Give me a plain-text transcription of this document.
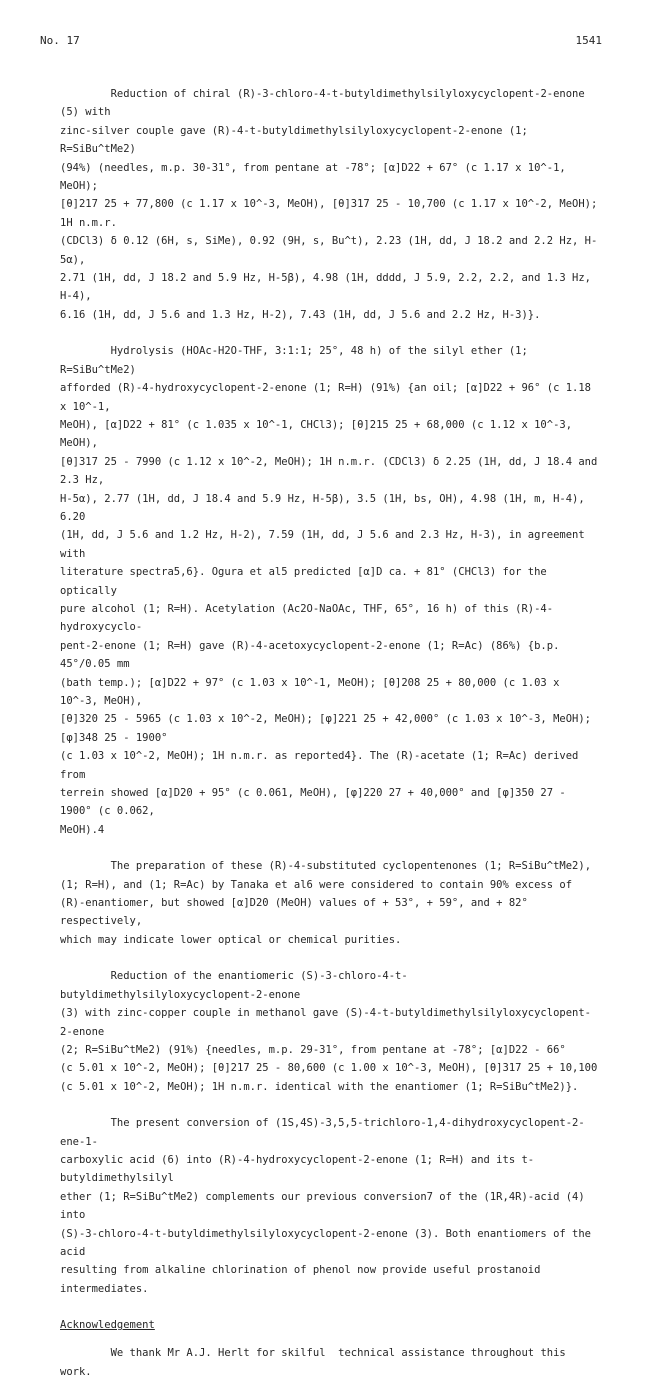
No. 17	1541

Reduction of chiral (R)-3-chloro-4-t-butyldimethylsilyloxycyclopent-2-enone (5) with
zinc-silver couple gave (R)-4-t-butyldimethylsilyloxycyclopent-2-enone (1; R=SiBu^tMe2)
(94%) (needles, m.p. 30-31°, from pentane at -78°; [α]D22 + 67° (c 1.17 x 10^-1, MeOH);
[θ]217 25 + 77,800 (c 1.17 x 10^-3, MeOH), [θ]317 25 - 10,700 (c 1.17 x 10^-2, MeOH); 1H n.m.r.
(CDCl3) δ 0.12 (6H, s, SiMe), 0.92 (9H, s, Bu^t), 2.23 (1H, dd, J 18.2 and 2.2 Hz, H-5α),
2.71 (1H, dd, J 18.2 and 5.9 Hz, H-5β), 4.98 (1H, dddd, J 5.9, 2.2, 2.2, and 1.3 Hz, H-4),
6.16 (1H, dd, J 5.6 and 1.3 Hz, H-2), 7.43 (1H, dd, J 5.6 and 2.2 Hz, H-3)}.

Hydrolysis (HOAc-H2O-THF, 3:1:1; 25°, 48 h) of the silyl ether (1; R=SiBu^tMe2)
afforded (R)-4-hydroxycyclopent-2-enone (1; R=H) (91%) {an oil; [α]D22 + 96° (c 1.18 x 10^-1,
MeOH), [α]D22 + 81° (c 1.035 x 10^-1, CHCl3); [θ]215 25 + 68,000 (c 1.12 x 10^-3, MeOH),
[θ]317 25 - 7990 (c 1.12 x 10^-2, MeOH); 1H n.m.r. (CDCl3) δ 2.25 (1H, dd, J 18.4 and 2.3 Hz,
H-5α), 2.77 (1H, dd, J 18.4 and 5.9 Hz, H-5β), 3.5 (1H, bs, OH), 4.98 (1H, m, H-4), 6.20
(1H, dd, J 5.6 and 1.2 Hz, H-2), 7.59 (1H, dd, J 5.6 and 2.3 Hz, H-3), in agreement with
literature spectra5,6}. Ogura et al5 predicted [α]D ca. + 81° (CHCl3) for the optically
pure alcohol (1; R=H). Acetylation (Ac2O-NaOAc, THF, 65°, 16 h) of this (R)-4-hydroxycyclo-
pent-2-enone (1; R=H) gave (R)-4-acetoxycyclopent-2-enone (1; R=Ac) (86%) {b.p. 45°/0.05 mm
(bath temp.); [α]D22 + 97° (c 1.03 x 10^-1, MeOH); [θ]208 25 + 80,000 (c 1.03 x 10^-3, MeOH),
[θ]320 25 - 5965 (c 1.03 x 10^-2, MeOH); [φ]221 25 + 42,000° (c 1.03 x 10^-3, MeOH); [φ]348 25 - 1900°
(c 1.03 x 10^-2, MeOH); 1H n.m.r. as reported4}. The (R)-acetate (1; R=Ac) derived from
terrein showed [α]D20 + 95° (c 0.061, MeOH), [φ]220 27 + 40,000° and [φ]350 27 - 1900° (c 0.062,
MeOH).4

The preparation of these (R)-4-substituted cyclopentenones (1; R=SiBu^tMe2),
(1; R=H), and (1; R=Ac) by Tanaka et al6 were considered to contain 90% excess of
(R)-enantiomer, but showed [α]D20 (MeOH) values of + 53°, + 59°, and + 82° respectively,
which may indicate lower optical or chemical purities.

Reduction of the enantiomeric (S)-3-chloro-4-t-butyldimethylsilyloxycyclopent-2-enone
(3) with zinc-copper couple in methanol gave (S)-4-t-butyldimethylsilyloxycyclopent-2-enone
(2; R=SiBu^tMe2) (91%) {needles, m.p. 29-31°, from pentane at -78°; [α]D22 - 66°
(c 5.01 x 10^-2, MeOH); [θ]217 25 - 80,600 (c 1.00 x 10^-3, MeOH), [θ]317 25 + 10,100
(c 5.01 x 10^-2, MeOH); 1H n.m.r. identical with the enantiomer (1; R=SiBu^tMe2)}.

The present conversion of (1S,4S)-3,5,5-trichloro-1,4-dihydroxycyclopent-2-ene-1-
carboxylic acid (6) into (R)-4-hydroxycyclopent-2-enone (1; R=H) and its t-butyldimethylsilyl
ether (1; R=SiBu^tMe2) complements our previous conversion7 of the (1R,4R)-acid (4) into
(S)-3-chloro-4-t-butyldimethylsilyloxycyclopent-2-enone (3). Both enantiomers of the acid
resulting from alkaline chlorination of phenol now provide useful prostanoid intermediates.

Acknowledgement

We thank Mr A.J. Herlt for skilful  technical assistance throughout this work.
